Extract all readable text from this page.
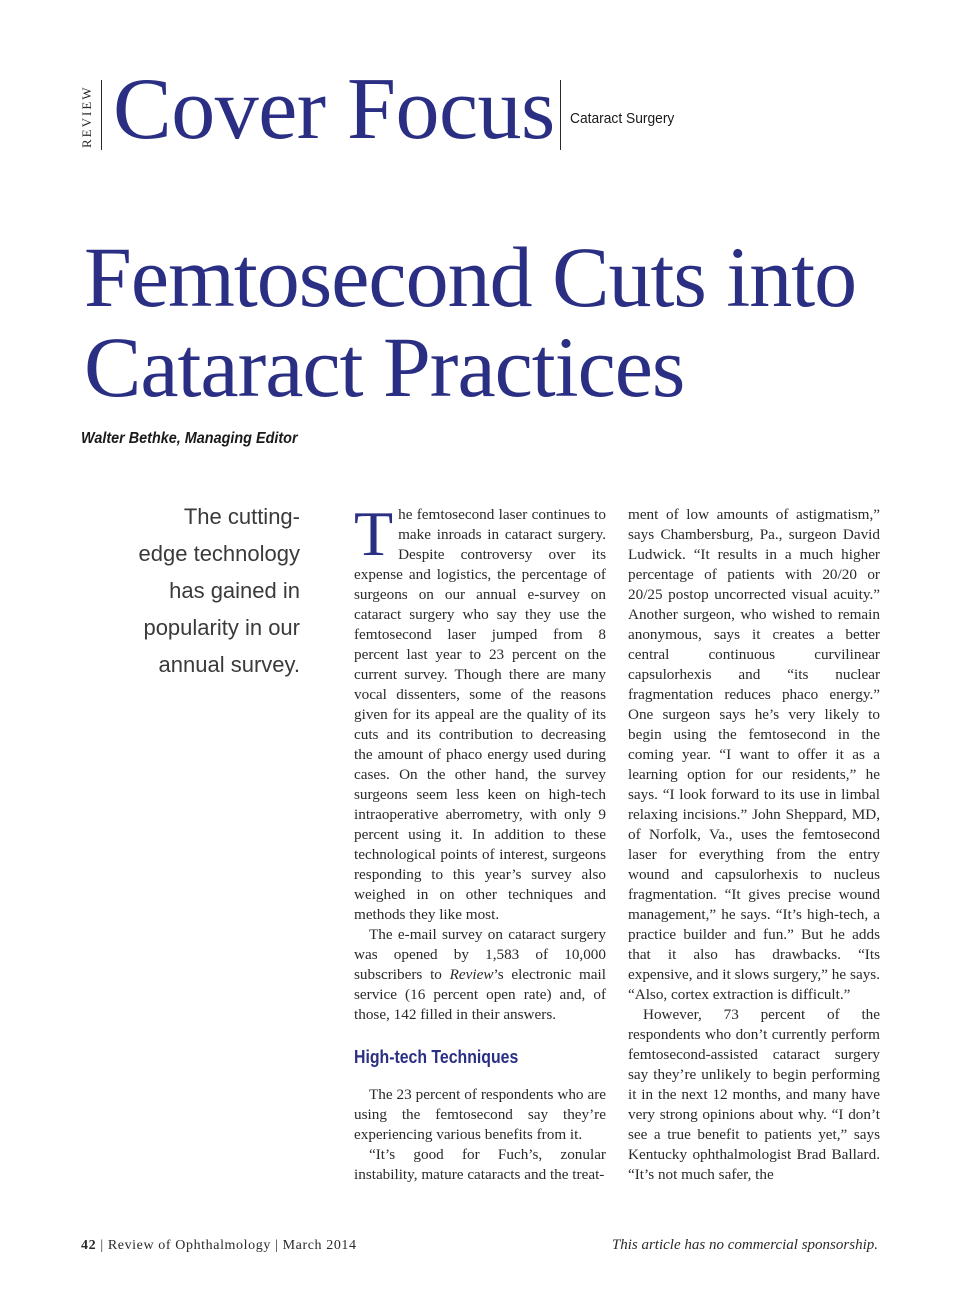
REVIEW Cover Focus Cataract Surgery
Femtosecond Cuts into
Cataract Practices
Walter Bethke, Managing Editor
The cutting-
edge technology
has gained in
popularity in our
annual survey.

The femtosecond laser continues to make inroads in cataract surgery. Despite controversy over its expense and logistics, the percentage of surgeons on our annual e-survey on cataract surgery who say they use the femtosecond laser jumped from 8 percent last year to 23 percent on the current survey. Though there are many vocal dissenters, some of the reasons given for its appeal are the quality of its cuts and its contribution to decreasing the amount of phaco energy used during cases. On the other hand, the survey surgeons seem less keen on high-tech intraoperative aberrometry, with only 9 percent using it. In addition to these technological points of interest, surgeons responding to this year’s survey also weighed in on other techniques and methods they like most.

The e-mail survey on cataract surgery was opened by 1,583 of 10,000 subscribers to Review’s electronic mail service (16 percent open rate) and, of those, 142 filled in their answers.

High-tech Techniques

The 23 percent of respondents who are using the femtosecond say they’re experiencing various benefits from it.

“It’s good for Fuch’s, zonular instability, mature cataracts and the treat-

ment of low amounts of astigmatism,” says Chambersburg, Pa., surgeon David Ludwick. “It results in a much higher percentage of patients with 20/20 or 20/25 postop uncorrected visual acuity.” Another surgeon, who wished to remain anonymous, says it creates a better central continuous curvilinear capsulorhexis and “its nuclear fragmentation reduces phaco energy.” One surgeon says he’s very likely to begin using the femtosecond in the coming year. “I want to offer it as a learning option for our residents,” he says. “I look forward to its use in limbal relaxing incisions.” John Sheppard, MD, of Norfolk, Va., uses the femtosecond laser for everything from the entry wound and capsulorhexis to nucleus fragmentation. “It gives precise wound management,” he says. “It’s high-tech, a practice builder and fun.” But he adds that it also has drawbacks. “Its expensive, and it slows surgery,” he says. “Also, cortex extraction is difficult.”

However, 73 percent of the respondents who don’t currently perform femtosecond-assisted cataract surgery say they’re unlikely to begin performing it in the next 12 months, and many have very strong opinions about why. “I don’t see a true benefit to patients yet,” says Kentucky ophthalmologist Brad Ballard. “It’s not much safer, the

42 | Review of Ophthalmology | March 2014	This article has no commercial sponsorship.
